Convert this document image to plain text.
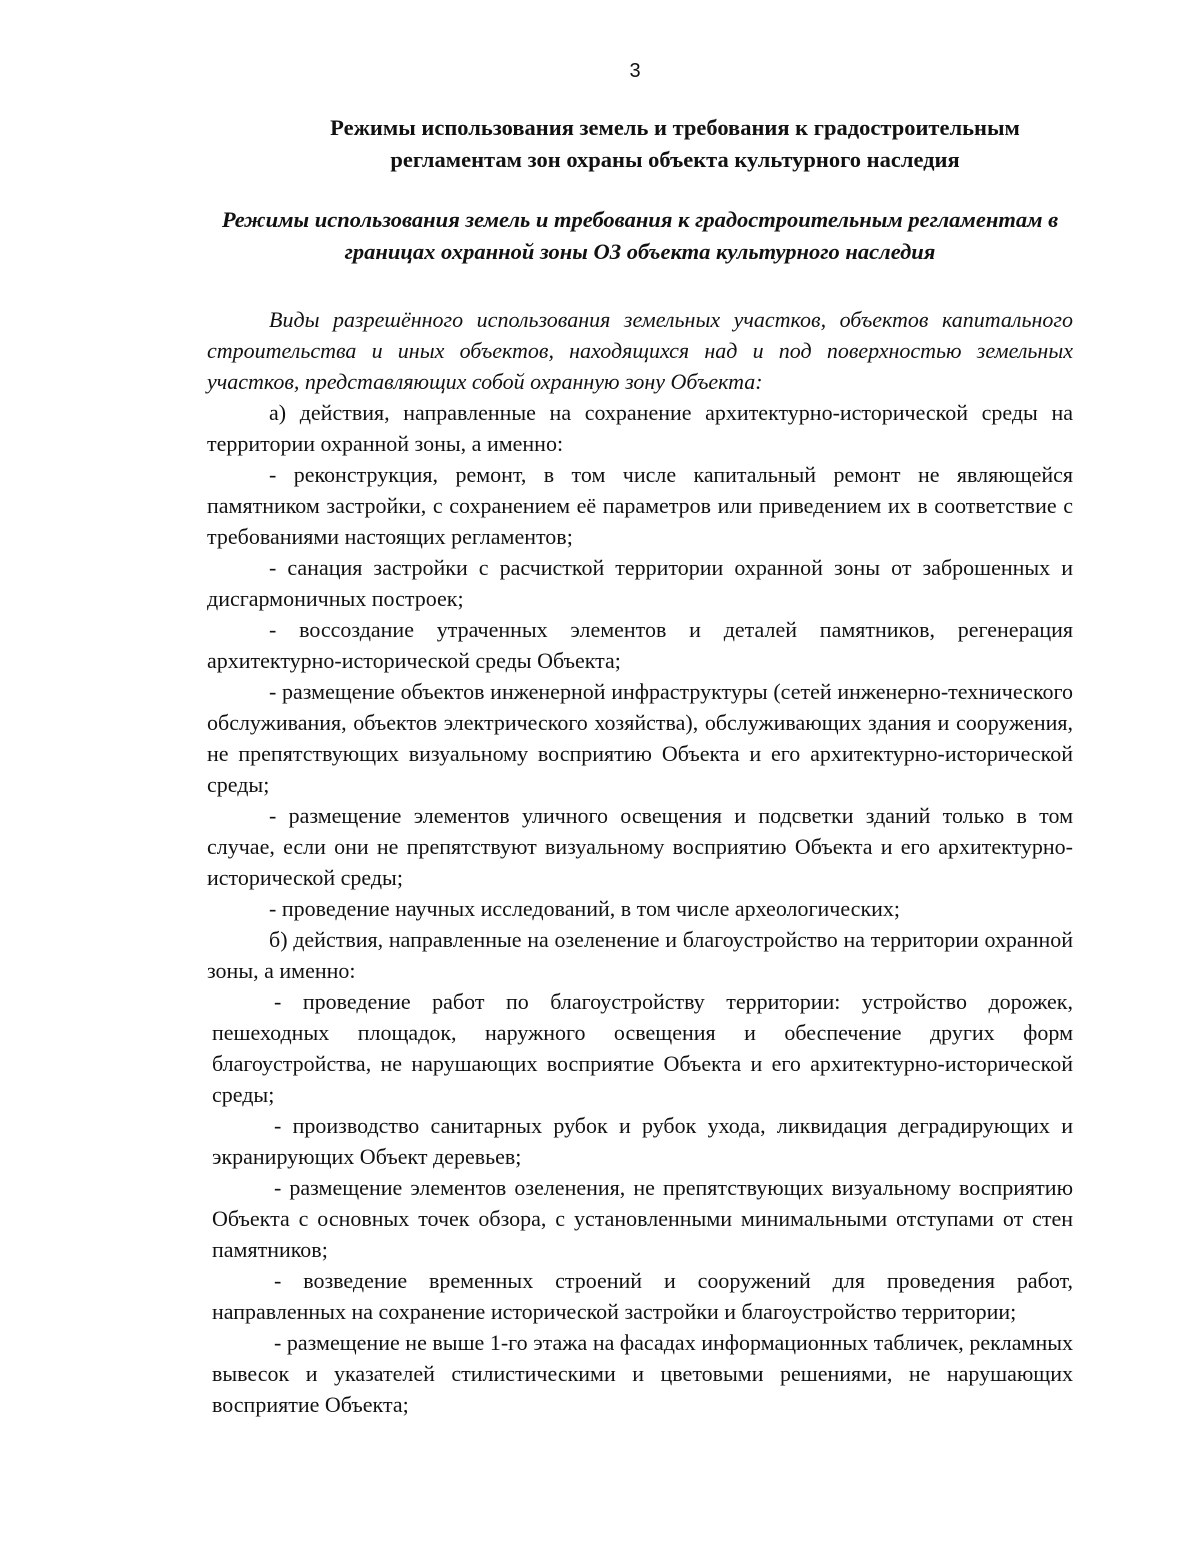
3
Режимы использования земель и требования к градостроительным регламентам зон охраны объекта культурного наследия
Режимы использования земель и требования к градостроительным регламентам в границах охранной зоны ОЗ объекта культурного наследия

Виды разрешённого использования земельных участков, объектов капитального строительства и иных объектов, находящихся над и под поверхностью земельных участков, представляющих собой охранную зону Объекта:

а) действия, направленные на сохранение архитектурно-исторической среды на территории охранной зоны, а именно:

- реконструкция, ремонт, в том числе капитальный ремонт не являющейся памятником застройки, с сохранением её параметров или приведением их в соответствие с требованиями настоящих регламентов;

- санация застройки с расчисткой территории охранной зоны от заброшенных и дисгармоничных построек;

- воссоздание утраченных элементов и деталей памятников, регенерация архитектурно-исторической среды Объекта;

- размещение объектов инженерной инфраструктуры (сетей инженерно-технического обслуживания, объектов электрического хозяйства), обслуживающих здания и сооружения, не препятствующих визуальному восприятию Объекта и его архитектурно-исторической среды;

- размещение элементов уличного освещения и подсветки зданий только в том случае, если они не препятствуют визуальному восприятию Объекта и его архитектурно-исторической среды;

- проведение научных исследований, в том числе археологических;

б) действия, направленные на озеленение и благоустройство на территории охранной зоны, а именно:

- проведение работ по благоустройству территории: устройство дорожек, пешеходных площадок, наружного освещения и обеспечение других форм благоустройства, не нарушающих восприятие Объекта и его архитектурно-исторической среды;

- производство санитарных рубок и рубок ухода, ликвидация деградирующих и экранирующих Объект деревьев;

- размещение элементов озеленения, не препятствующих визуальному восприятию Объекта с основных точек обзора, с установленными минимальными отступами от стен памятников;

- возведение временных строений и сооружений для проведения работ, направленных на сохранение исторической застройки и благоустройство территории;

- размещение не выше 1-го этажа на фасадах информационных табличек, рекламных вывесок и указателей стилистическими и цветовыми решениями, не нарушающих восприятие Объекта;
